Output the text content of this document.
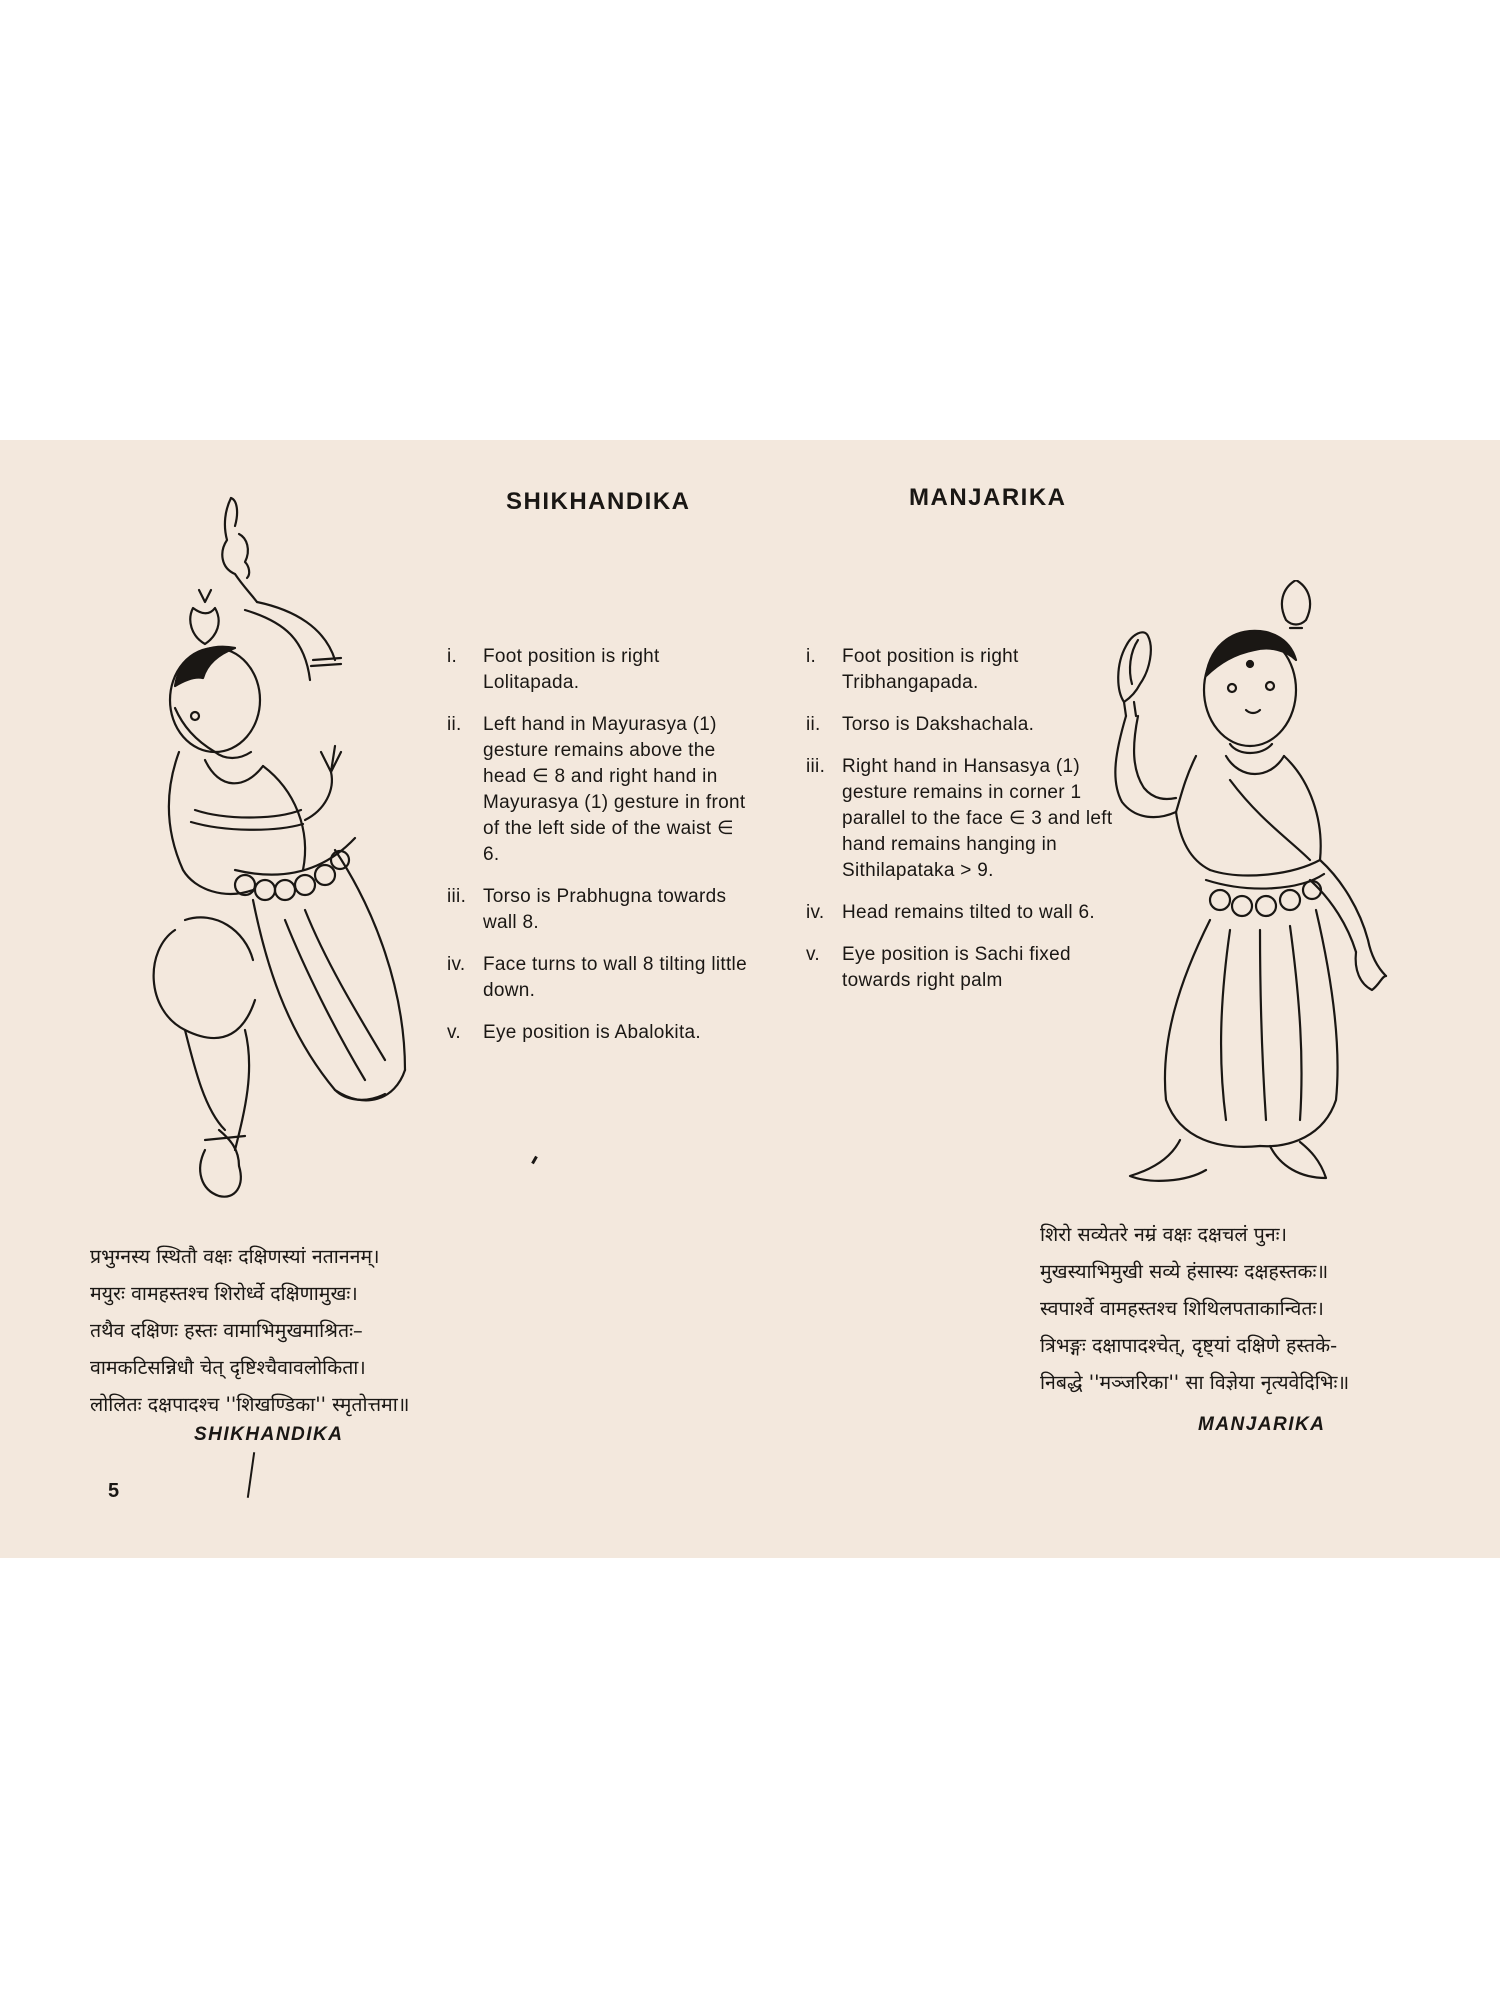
SHIKHANDIKA	MANJARIKA
i. Foot position is right Lolitapada.
ii. Left hand in Mayurasya (1) gesture remains above the head ∈ 8 and right hand in Mayurasya (1) gesture in front of the left side of the waist ∈ 6.
iii. Torso is Prabhugna towards wall 8.
iv. Face turns to wall 8 tilting little down.
v. Eye position is Abalokita.
i. Foot position is right Tribhangapada.
ii. Torso is Dakshachala.
iii. Right hand in Hansasya (1) gesture remains in corner 1 parallel to the face ∈ 3 and left hand remains hanging in Sithilapataka > 9.
iv. Head remains tilted to wall 6.
v. Eye position is Sachi fixed towards right palm
प्रभुग्नस्य स्थितौ वक्षः दक्षिणस्यां नताननम्।
मयुरः वामहस्तश्च शिरोर्ध्वे दक्षिणामुखः।
तथैव दक्षिणः हस्तः वामाभिमुखमाश्रितः–
वामकटिसन्निधौ चेत् दृष्टिश्चैवावलोकिता।
लोलितः दक्षपादश्च ''शिखण्डिका'' स्मृतोत्तमा॥

SHIKHANDIKA

शिरो सव्येतरे नम्रं वक्षः दक्षचलं पुनः।
मुखस्याभिमुखी सव्ये हंसास्यः दक्षहस्तकः॥
स्वपार्श्वे वामहस्तश्च शिथिलपताकान्वितः।
त्रिभङ्गः दक्षापादश्चेत्, दृष्ट्यां दक्षिणे हस्तके-
निबद्धे ''मञ्जरिका'' सा विज्ञेया नृत्यवेदिभिः॥

MANJARIKA

5
